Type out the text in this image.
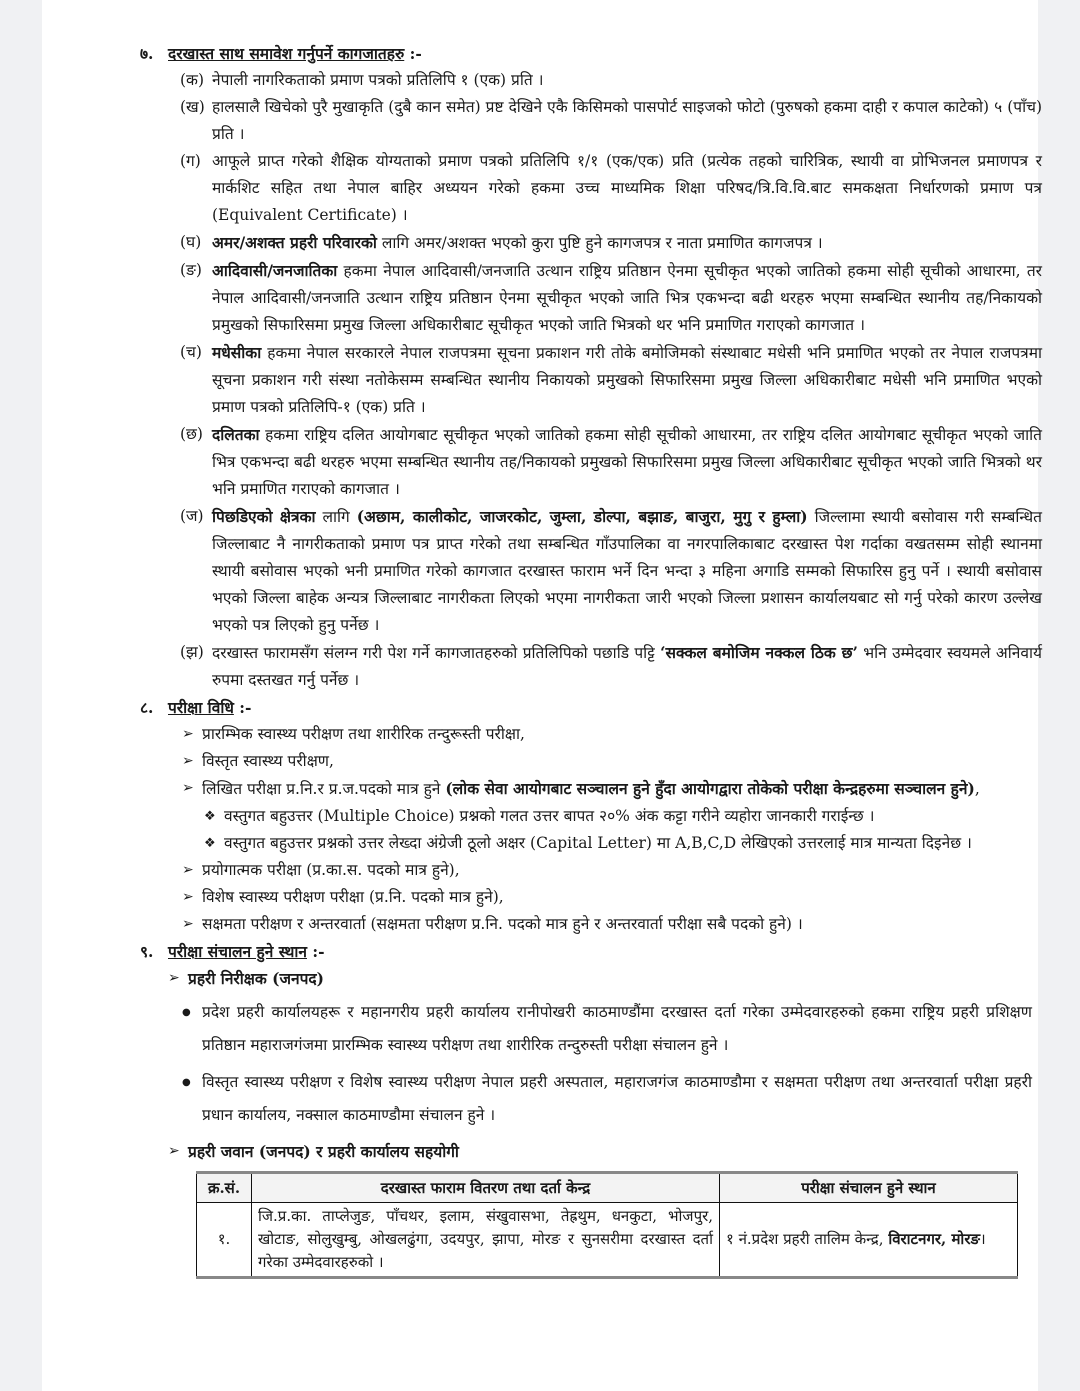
७. दरखास्त साथ समावेश गर्नुपर्ने कागजातहरु :-
(क) नेपाली नागरिकताको प्रमाण पत्रको प्रतिलिपि १ (एक) प्रति ।
(ख) हालसालै खिचेको पुरै मुखाकृति (दुबै कान समेत) प्रष्ट देखिने एकै किसिमको पासपोर्ट साइजको फोटो (पुरुषको हकमा दाही र कपाल काटेको) ५ (पाँच) प्रति ।
(ग) आफूले प्राप्त गरेको शैक्षिक योग्यताको प्रमाण पत्रको प्रतिलिपि १/१ (एक/एक) प्रति (प्रत्येक तहको चारित्रिक, स्थायी वा प्रोभिजनल प्रमाणपत्र र मार्कशिट सहित तथा नेपाल बाहिर अध्ययन गरेको हकमा उच्च माध्यमिक शिक्षा परिषद/त्रि.वि.वि.बाट समकक्षता निर्धारणको प्रमाण पत्र (Equivalent Certificate) ।
(घ) अमर/अशक्त प्रहरी परिवारको लागि अमर/अशक्त भएको कुरा पुष्टि हुने कागजपत्र र नाता प्रमाणित कागजपत्र ।
(ङ) आदिवासी/जनजातिका हकमा नेपाल आदिवासी/जनजाति उत्थान राष्ट्रिय प्रतिष्ठान ऐनमा सूचीकृत भएको जातिको हकमा सोही सूचीको आधारमा, तर नेपाल आदिवासी/जनजाति उत्थान राष्ट्रिय प्रतिष्ठान ऐनमा सूचीकृत भएको जाति भित्र एकभन्दा बढी थरहरु भएमा सम्बन्धित स्थानीय तह/निकायको प्रमुखको सिफारिसमा प्रमुख जिल्ला अधिकारीबाट सूचीकृत भएको जाति भित्रको थर भनि प्रमाणित गराएको कागजात ।
(च) मधेसीका हकमा नेपाल सरकारले नेपाल राजपत्रमा सूचना प्रकाशन गरी तोके बमोजिमको संस्थाबाट मधेसी भनि प्रमाणित भएको तर नेपाल राजपत्रमा सूचना प्रकाशन गरी संस्था नतोकेसम्म सम्बन्धित स्थानीय निकायको प्रमुखको सिफारिसमा प्रमुख जिल्ला अधिकारीबाट मधेसी भनि प्रमाणित भएको प्रमाण पत्रको प्रतिलिपि-१ (एक) प्रति ।
(छ) दलितका हकमा राष्ट्रिय दलित आयोगबाट सूचीकृत भएको जातिको हकमा सोही सूचीको आधारमा, तर राष्ट्रिय दलित आयोगबाट सूचीकृत भएको जाति भित्र एकभन्दा बढी थरहरु भएमा सम्बन्धित स्थानीय तह/निकायको प्रमुखको सिफारिसमा प्रमुख जिल्ला अधिकारीबाट सूचीकृत भएको जाति भित्रको थर भनि प्रमाणित गराएको कागजात ।
(ज) पिछडिएको क्षेत्रका लागि (अछाम, कालीकोट, जाजरकोट, जुम्ला, डोल्पा, बझाङ, बाजुरा, मुगु र हुम्ला) जिल्लामा स्थायी बसोवास गरी सम्बन्धित जिल्लाबाट नै नागरीकताको प्रमाण पत्र प्राप्त गरेको तथा सम्बन्धित गाँउपालिका वा नगरपालिकाबाट दरखास्त पेश गर्दाका वखतसम्म सोही स्थानमा स्थायी बसोवास भएको भनी प्रमाणित गरेको कागजात दरखास्त फाराम भर्ने दिन भन्दा ३ महिना अगाडि सम्मको सिफारिस हुनु पर्ने । स्थायी बसोवास भएको जिल्ला बाहेक अन्यत्र जिल्लाबाट नागरीकता लिएको भएमा नागरीकता जारी भएको जिल्ला प्रशासन कार्यालयबाट सो गर्नु परेको कारण उल्लेख भएको पत्र लिएको हुनु पर्नेछ ।
(झ) दरखास्त फारामसँग संलग्न गरी पेश गर्ने कागजातहरुको प्रतिलिपिको पछाडि पट्टि ‘सक्कल बमोजिम नक्कल ठिक छ’ भनि उम्मेदवार स्वयमले अनिवार्य रुपमा दस्तखत गर्नु पर्नेछ ।
८. परीक्षा विधि :-
➢ प्रारम्भिक स्वास्थ्य परीक्षण तथा शारीरिक तन्दुरूस्ती परीक्षा,
➢ विस्तृत स्वास्थ्य परीक्षण,
➢ लिखित परीक्षा प्र.नि.र प्र.ज.पदको मात्र हुने (लोक सेवा आयोगबाट सञ्चालन हुने हुँदा आयोगद्वारा तोकेको परीक्षा केन्द्रहरुमा सञ्चालन हुने),
❖ वस्तुगत बहुउत्तर (Multiple Choice) प्रश्नको गलत उत्तर बापत २०% अंक कट्टा गरीने व्यहोरा जानकारी गराईन्छ ।
❖ वस्तुगत बहुउत्तर प्रश्नको उत्तर लेख्दा अंग्रेजी ठूलो अक्षर (Capital Letter) मा A,B,C,D लेखिएको उत्तरलाई मात्र मान्यता दिइनेछ ।
➢ प्रयोगात्मक परीक्षा (प्र.का.स. पदको मात्र हुने),
➢ विशेष स्वास्थ्य परीक्षण परीक्षा (प्र.नि. पदको मात्र हुने),
➢ सक्षमता परीक्षण र अन्तरवार्ता (सक्षमता परीक्षण प्र.नि. पदको मात्र हुने र अन्तरवार्ता परीक्षा सबै पदको हुने) ।
९. परीक्षा संचालन हुने स्थान :-
➢ प्रहरी निरीक्षक (जनपद)
● प्रदेश प्रहरी कार्यालयहरू र महानगरीय प्रहरी कार्यालय रानीपोखरी काठमाण्डौंमा दरखास्त दर्ता गरेका उम्मेदवारहरुको हकमा राष्ट्रिय प्रहरी प्रशिक्षण प्रतिष्ठान महाराजगंजमा प्रारम्भिक स्वास्थ्य परीक्षण तथा शारीरिक तन्दुरुस्ती परीक्षा संचालन हुने ।
● विस्तृत स्वास्थ्य परीक्षण र विशेष स्वास्थ्य परीक्षण नेपाल प्रहरी अस्पताल, महाराजगंज काठमाण्डौमा र सक्षमता परीक्षण तथा अन्तरवार्ता परीक्षा प्रहरी प्रधान कार्यालय, नक्साल काठमाण्डौमा संचालन हुने ।
➢ प्रहरी जवान (जनपद) र प्रहरी कार्यालय सहयोगी
क्र.सं.	दरखास्त फाराम वितरण तथा दर्ता केन्द्र	परीक्षा संचालन हुने स्थान
१.	जि.प्र.का. ताप्लेजुङ, पाँचथर, इलाम, संखुवासभा, तेह्रथुम, धनकुटा, भोजपुर, खोटाङ, सोलुखुम्बु, ओखलढुंगा, उदयपुर, झापा, मोरङ र सुनसरीमा दरखास्त दर्ता गरेका उम्मेदवारहरुको ।	१ नं.प्रदेश प्रहरी तालिम केन्द्र, विराटनगर, मोरङ।
